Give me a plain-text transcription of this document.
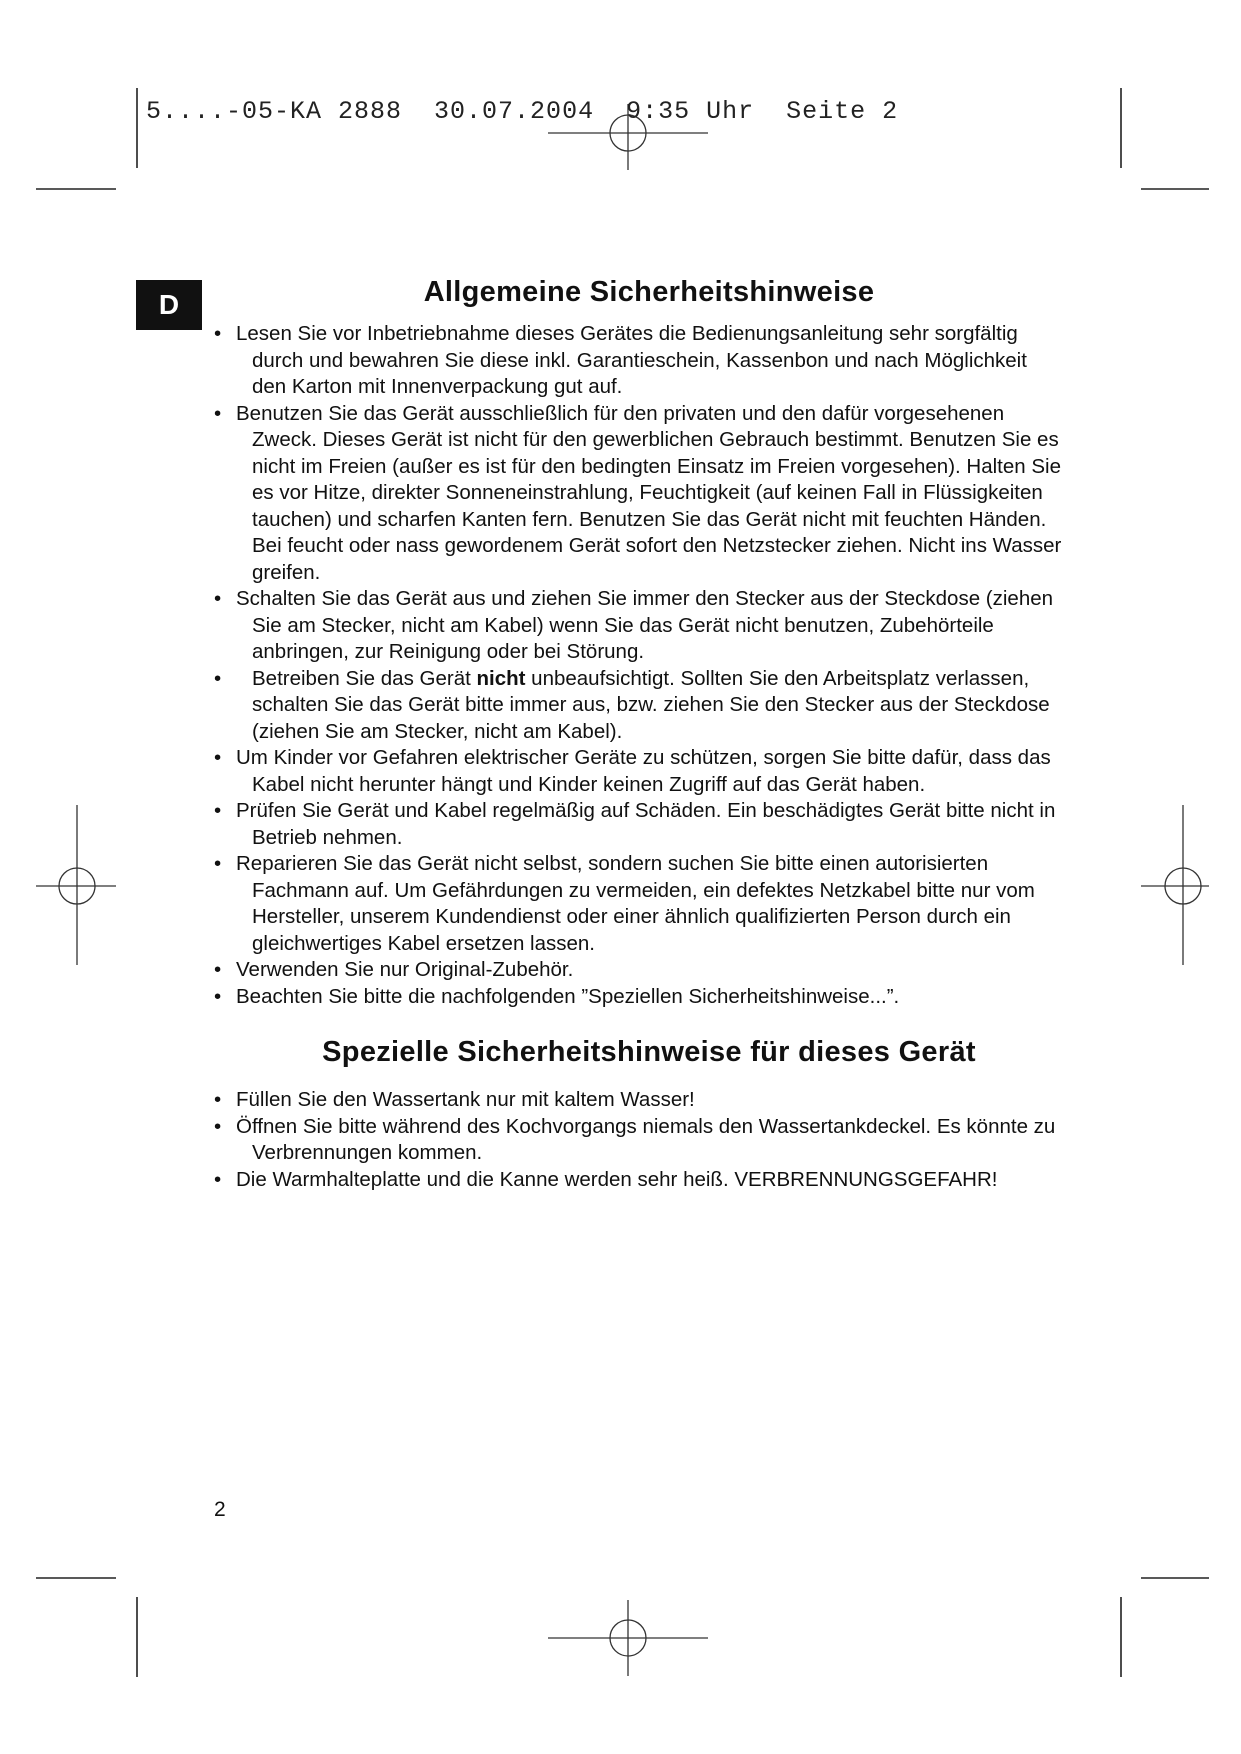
5....-05-KA 2888  30.07.2004  9:35 Uhr  Seite 2
D	Allgemeine Sicherheitshinweise
• Lesen Sie vor Inbetriebnahme dieses Gerätes die Bedienungsanleitung sehr sorgfältig durch und bewahren Sie diese inkl. Garantieschein, Kassenbon und nach Möglichkeit den Karton mit Innenverpackung gut auf.
• Benutzen Sie das Gerät ausschließlich für den privaten und den dafür vorgesehenen Zweck. Dieses Gerät ist nicht für den gewerblichen Gebrauch bestimmt. Benutzen Sie es nicht im Freien (außer es ist für den bedingten Einsatz im Freien vorgesehen). Halten Sie es vor Hitze, direkter Sonneneinstrahlung, Feuchtigkeit (auf keinen Fall in Flüssigkeiten tauchen) und scharfen Kanten fern. Benutzen Sie das Gerät nicht mit feuchten Händen. Bei feucht oder nass gewordenem Gerät sofort den Netzstecker ziehen. Nicht ins Wasser greifen.
• Schalten Sie das Gerät aus und ziehen Sie immer den Stecker aus der Steckdose (ziehen Sie am Stecker, nicht am Kabel) wenn Sie das Gerät nicht benutzen, Zubehörteile anbringen, zur Reinigung oder bei Störung.
• Betreiben Sie das Gerät nicht unbeaufsichtigt. Sollten Sie den Arbeitsplatz verlassen, schalten Sie das Gerät bitte immer aus, bzw. ziehen Sie den Stecker aus der Steckdose (ziehen Sie am Stecker, nicht am Kabel).
• Um Kinder vor Gefahren elektrischer Geräte zu schützen, sorgen Sie bitte dafür, dass das Kabel nicht herunter hängt und Kinder keinen Zugriff auf das Gerät haben.
• Prüfen Sie Gerät und Kabel regelmäßig auf Schäden. Ein beschädigtes Gerät bitte nicht in Betrieb nehmen.
• Reparieren Sie das Gerät nicht selbst, sondern suchen Sie bitte einen autorisierten Fachmann auf. Um Gefährdungen zu vermeiden, ein defektes Netzkabel bitte nur vom Hersteller, unserem Kundendienst oder einer ähnlich qualifizierten Person durch ein gleichwertiges Kabel ersetzen lassen.
• Verwenden Sie nur Original-Zubehör.
• Beachten Sie bitte die nachfolgenden ”Speziellen Sicherheitshinweise...”.
Spezielle Sicherheitshinweise für dieses Gerät
• Füllen Sie den Wassertank nur mit kaltem Wasser!
• Öffnen Sie bitte während des Kochvorgangs niemals den Wassertankdeckel. Es könnte zu Verbrennungen kommen.
• Die Warmhalteplatte und die Kanne werden sehr heiß. VERBRENNUNGSGEFAHR!
2
